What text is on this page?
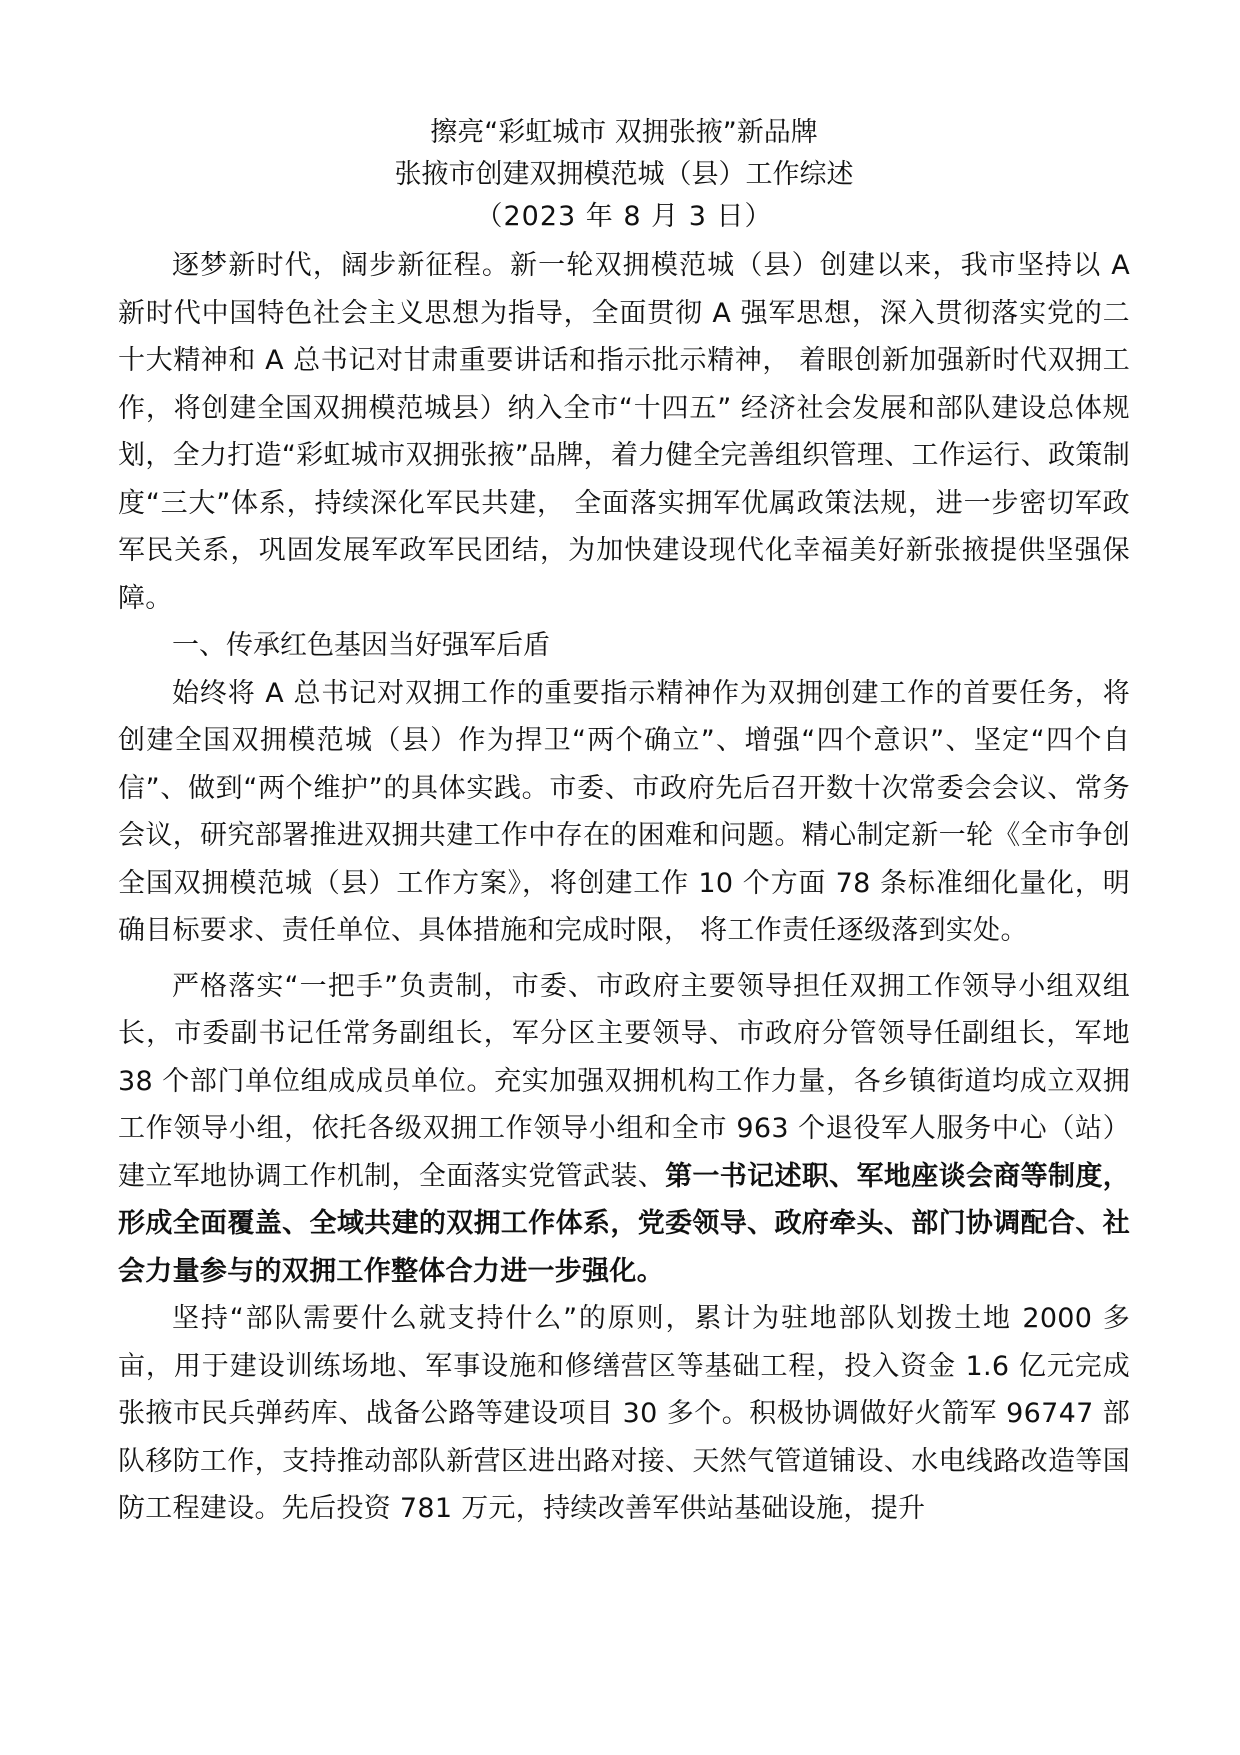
擦亮“彩虹城市 双拥张掖”新品牌

张掖市创建双拥模范城（县）工作综述

（2023 年 8 月 3 日）

逐梦新时代，阔步新征程。新一轮双拥模范城（县）创建以来，我市坚持以 A 新时代中国特色社会主义思想为指导，全面贯彻 A 强军思想，深入贯彻落实党的二十大精神和 A 总书记对甘肃重要讲话和指示批示精神， 着眼创新加强新时代双拥工作，将创建全国双拥模范城县）纳入全市“十四五” 经济社会发展和部队建设总体规划，全力打造“彩虹城市双拥张掖”品牌，着力健全完善组织管理、工作运行、政策制度“三大”体系，持续深化军民共建， 全面落实拥军优属政策法规，进一步密切军政军民关系，巩固发展军政军民团结，为加快建设现代化幸福美好新张掖提供坚强保障。

一、传承红色基因当好强军后盾

始终将 A 总书记对双拥工作的重要指示精神作为双拥创建工作的首要任务，将创建全国双拥模范城（县）作为捍卫“两个确立”、增强“四个意识”、坚定“四个自信”、做到“两个维护”的具体实践。市委、市政府先后召开数十次常委会会议、常务会议，研究部署推进双拥共建工作中存在的困难和问题。精心制定新一轮《全市争创全国双拥模范城（县）工作方案》，将创建工作 10 个方面 78 条标准细化量化，明确目标要求、责任单位、具体措施和完成时限， 将工作责任逐级落到实处。

严格落实“一把手”负责制，市委、市政府主要领导担任双拥工作领导小组双组长，市委副书记任常务副组长，军分区主要领导、市政府分管领导任副组长，军地 38 个部门单位组成成员单位。充实加强双拥机构工作力量，各乡镇街道均成立双拥工作领导小组，依托各级双拥工作领导小组和全市 963 个退役军人服务中心（站）建立军地协调工作机制，全面落实党管武装、第一书记述职、军地座谈会商等制度，形成全面覆盖、全域共建的双拥工作体系，党委领导、政府牵头、部门协调配合、社会力量参与的双拥工作整体合力进一步强化。

坚持“部队需要什么就支持什么”的原则，累计为驻地部队划拨土地 2000 多亩，用于建设训练场地、军事设施和修缮营区等基础工程，投入资金 1.6 亿元完成张掖市民兵弹药库、战备公路等建设项目 30 多个。积极协调做好火箭军 96747 部队移防工作，支持推动部队新营区进出路对接、天然气管道铺设、水电线路改造等国防工程建设。先后投资 781 万元，持续改善军供站基础设施，提升
